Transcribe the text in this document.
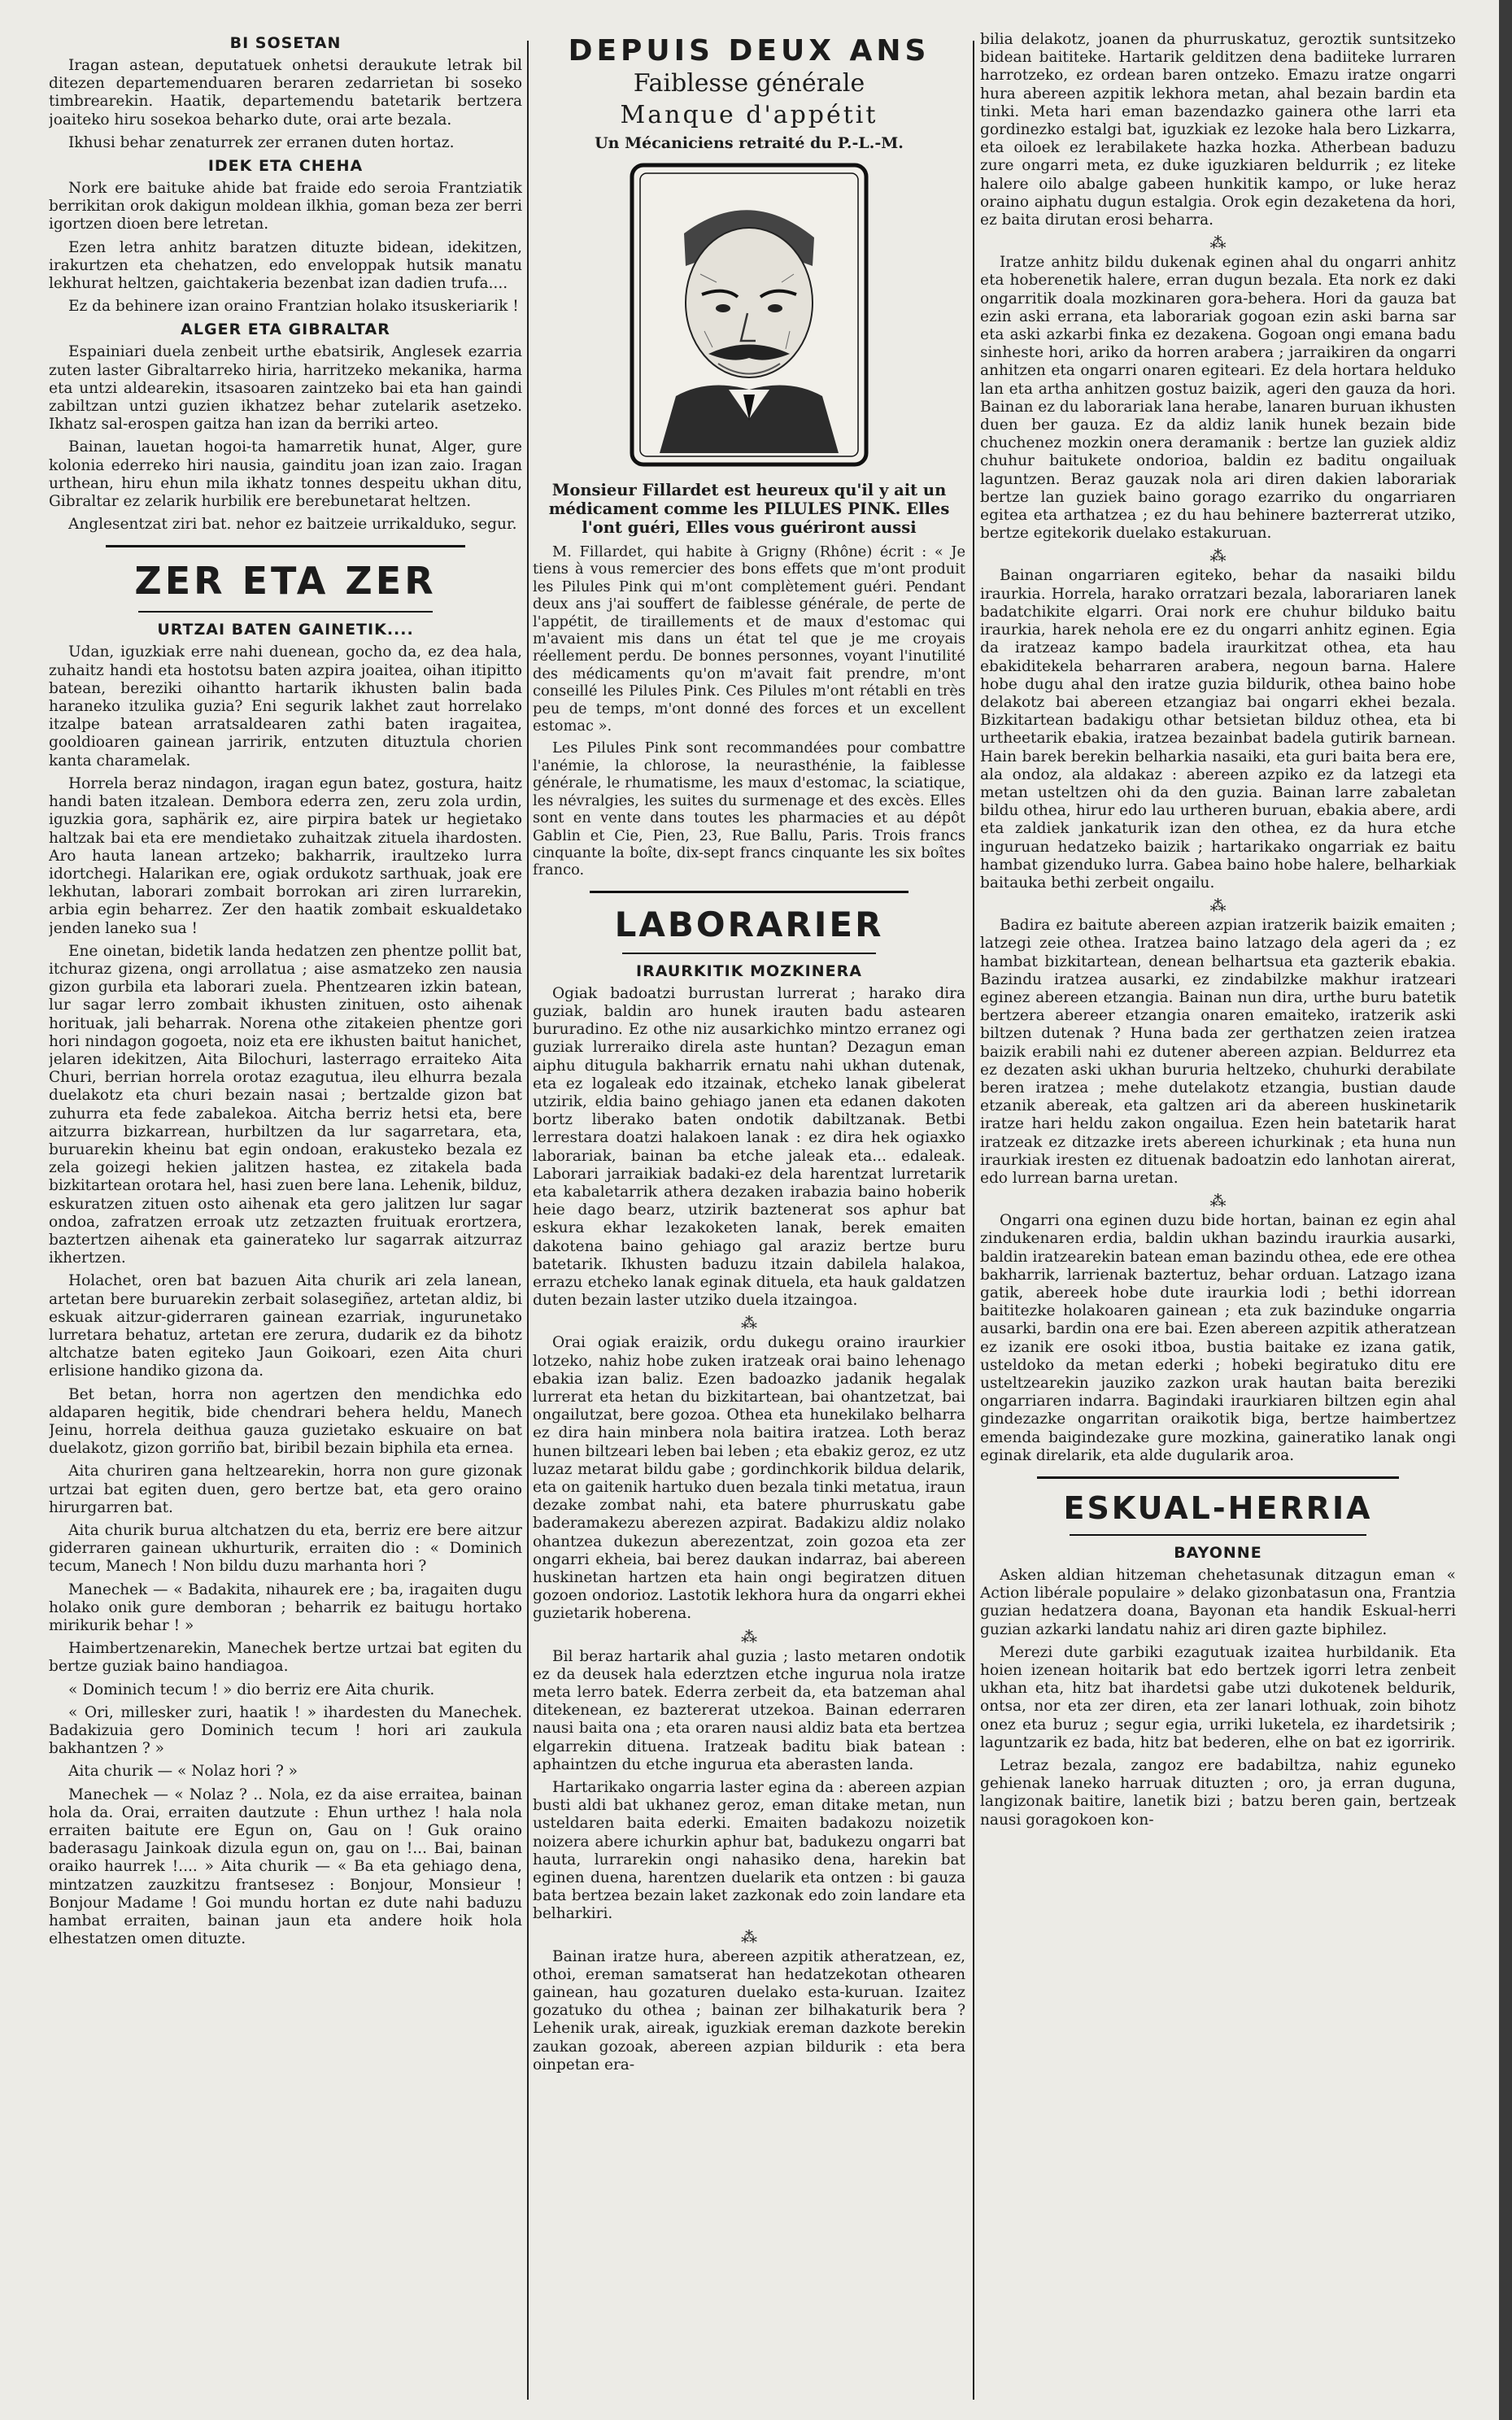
BI SOSETAN

Iragan astean, deputatuek onhetsi deraukute letrak bil ditezen departemenduaren beraren zedarrietan bi soseko timbrearekin. Haatik, departemendu batetarik bertzera joaiteko hiru sosekoa beharko dute, orai arte bezala.

Ikhusi behar zenaturrek zer erranen duten hortaz.

IDEK ETA CHEHA

Nork ere baituke ahide bat fraide edo seroia Frantziatik berrikitan orok dakigun moldean ilkhia, goman beza zer berri igortzen dioen bere letretan.

Ezen letra anhitz baratzen dituzte bidean, idekitzen, irakurtzen eta chehatzen, edo enveloppak hutsik manatu lekhurat heltzen, gaichtakeria bezenbat izan dadien trufa....

Ez da behinere izan oraino Frantzian holako itsuskeriarik !

ALGER ETA GIBRALTAR

Espainiari duela zenbeit urthe ebatsirik, Anglesek ezarria zuten laster Gibraltarreko hiria, harritzeko mekanika, harma eta untzi aldearekin, itsasoaren zaintzeko bai eta han gaindi zabiltzan untzi guzien ikhatzez behar zutelarik asetzeko. Ikhatz sal-erospen gaitza han izan da berriki arteo.

Bainan, lauetan hogoi-ta hamarretik hunat, Alger, gure kolonia ederreko hiri nausia, gainditu joan izan zaio. Iragan urthean, hiru ehun mila ikhatz tonnes despeitu ukhan ditu, Gibraltar ez zelarik hurbilik ere berebunetarat heltzen.

Anglesentzat ziri bat. nehor ez baitzeie urrikalduko, segur.

ZER ETA ZER
URTZAI BATEN GAINETIK....

Udan, iguzkiak erre nahi duenean, gocho da, ez dea hala, zuhaitz handi eta hostotsu baten azpira joaitea, oihan itipitto batean, bereziki oihantto hartarik ikhusten balin bada haraneko itzulika guzia? Eni segurik lakhet zaut horrelako itzalpe batean arratsaldearen zathi baten iragaitea, gooldioaren gainean jarririk, entzuten dituztula chorien kanta charamelak.

Horrela beraz nindagon, iragan egun batez, gostura, haitz handi baten itzalean. Dembora ederra zen, zeru zola urdin, iguzkia gora, saphärik ez, aire pirpira batek ur hegietako haltzak bai eta ere mendietako zuhaitzak zituela ihardosten. Aro hauta lanean artzeko; bakharrik, iraultzeko lurra idortchegi. Halarikan ere, ogiak ordukotz sarthuak, joak ere lekhutan, laborari zombait borrokan ari ziren lurrarekin, arbia egin beharrez. Zer den haatik zombait eskualdetako jenden laneko sua !

Ene oinetan, bidetik landa hedatzen zen phentze pollit bat, itchuraz gizena, ongi arrollatua ; aise asmatzeko zen nausia gizon gurbila eta laborari zuela. Phentzearen izkin batean, lur sagar lerro zombait ikhusten zinituen, osto aihenak horituak, jali beharrak. Norena othe zitakeien phentze gori hori nindagon gogoeta, noiz eta ere ikhusten baitut hanichet, jelaren idekitzen, Aita Bilochuri, lasterrago erraiteko Aita Churi, berrian horrela orotaz ezagutua, ileu elhurra bezala duelakotz eta churi bezain nasai ; bertzalde gizon bat zuhurra eta fede zabalekoa. Aitcha berriz hetsi eta, bere aitzurra bizkarrean, hurbiltzen da lur sagarretara, eta, buruarekin kheinu bat egin ondoan, erakusteko bezala ez zela goizegi hekien jalitzen hastea, ez zitakela bada bizkitartean orotara hel, hasi zuen bere lana. Lehenik, bilduz, eskuratzen zituen osto aihenak eta gero jalitzen lur sagar ondoa, zafratzen erroak utz zetzazten fruituak erortzera, baztertzen aihenak eta gainerateko lur sagarrak aitzurraz ikhertzen.

Holachet, oren bat bazuen Aita churik ari zela lanean, artetan bere buruarekin zerbait solasegiñez, artetan aldiz, bi eskuak aitzur-giderraren gainean ezarriak, ingurunetako lurretara behatuz, artetan ere zerura, dudarik ez da bihotz altchatze baten egiteko Jaun Goikoari, ezen Aita churi erlisione handiko gizona da.

Bet betan, horra non agertzen den mendichka edo aldaparen hegitik, bide chendrari behera heldu, Manech Jeinu, horrela deithua gauza guzietako eskuaire on bat duelakotz, gizon gorriño bat, biribil bezain biphila eta ernea.

Aita churiren gana heltzearekin, horra non gure gizonak urtzai bat egiten duen, gero bertze bat, eta gero oraino hirurgarren bat.

Aita churik burua altchatzen du eta, berriz ere bere aitzur giderraren gainean ukhurturik, erraiten dio : « Dominich tecum, Manech ! Non bildu duzu marhanta hori ?

Manechek — « Badakita, nihaurek ere ; ba, iragaiten dugu holako onik gure demboran ; beharrik ez baitugu hortako mirikurik behar ! »

Haimbertzenarekin, Manechek bertze urtzai bat egiten du bertze guziak baino handiagoa.

« Dominich tecum ! » dio berriz ere Aita churik.

« Ori, millesker zuri, haatik ! » ihardesten du Manechek. Badakizuia gero Dominich tecum ! hori ari zaukula bakhantzen ? »

Aita churik — « Nolaz hori ? »

Manechek — « Nolaz ? .. Nola, ez da aise erraitea, bainan hola da. Orai, erraiten dautzute : Ehun urthez ! hala nola erraiten baitute ere Egun on, Gau on ! Guk oraino baderasagu Jainkoak dizula egun on, gau on !... Bai, bainan oraiko haurrek !.... » Aita churik — « Ba eta gehiago dena, mintzatzen zauzkitzu frantsesez : Bonjour, Monsieur ! Bonjour Madame ! Goi mundu hortan ez dute nahi baduzu hambat erraiten, bainan jaun eta andere hoik hola elhestatzen omen dituzte.

DEPUIS DEUX ANS
Faiblesse générale
Manque d'appétit
Un Mécaniciens retraité du P.-L.-M.
Monsieur Fillardet est heureux qu'il y ait un médicament comme les PILULES PINK. Elles l'ont guéri, Elles vous guériront aussi

M. Fillardet, qui habite à Grigny (Rhône) écrit : « Je tiens à vous remercier des bons effets que m'ont produit les Pilules Pink qui m'ont complètement guéri. Pendant deux ans j'ai souffert de faiblesse générale, de perte de l'appétit, de tiraillements et de maux d'estomac qui m'avaient mis dans un état tel que je me croyais réellement perdu. De bonnes personnes, voyant l'inutilité des médicaments qu'on m'avait fait prendre, m'ont conseillé les Pilules Pink. Ces Pilules m'ont rétabli en très peu de temps, m'ont donné des forces et un excellent estomac ».

Les Pilules Pink sont recommandées pour combattre l'anémie, la chlorose, la neurasthénie, la faiblesse générale, le rhumatisme, les maux d'estomac, la sciatique, les névralgies, les suites du surmenage et des excès. Elles sont en vente dans toutes les pharmacies et au dépôt Gablin et Cie, Pien, 23, Rue Ballu, Paris. Trois francs cinquante la boîte, dix-sept francs cinquante les six boîtes franco.

LABORARIER
IRAURKITIK MOZKINERA

Ogiak badoatzi burrustan lurrerat ; harako dira guziak, baldin aro hunek irauten badu astearen bururadino. Ez othe niz ausarkichko mintzo erranez ogi guziak lurreraiko direla aste huntan? Dezagun eman aiphu ditugula bakharrik ernatu nahi ukhan dutenak, eta ez logaleak edo itzainak, etcheko lanak gibelerat utzirik, eldia baino gehiago janen eta edanen dakoten bortz liberako baten ondotik dabiltzanak. Betbi lerrestara doatzi halakoen lanak : ez dira hek ogiaxko laborariak, bainan ba etche jaleak eta... edaleak. Laborari jarraikiak badaki-ez dela harentzat lurretarik eta kabaletarrik athera dezaken irabazia baino hoberik heie dago bearz, utzirik baztenerat sos aphur bat eskura ekhar lezakoketen lanak, berek emaiten dakotena baino gehiago gal araziz bertze buru batetarik. Ikhusten baduzu itzain dabilela halakoa, errazu etcheko lanak eginak dituela, eta hauk galdatzen duten bezain laster utziko duela itzaingoa.

⁂

Orai ogiak eraizik, ordu dukegu oraino iraurkier lotzeko, nahiz hobe zuken iratzeak orai baino lehenago ebakia izan baliz. Ezen badoazko jadanik hegalak lurrerat eta hetan du bizkitartean, bai ohantzetzat, bai ongailutzat, bere gozoa. Othea eta hunekilako belharra ez dira hain minbera nola baitira iratzea. Loth beraz hunen biltzeari leben bai leben ; eta ebakiz geroz, ez utz luzaz metarat bildu gabe ; gordinchkorik bildua delarik, eta on gaitenik hartuko duen bezala tinki metatua, iraun dezake zombat nahi, eta batere phurruskatu gabe baderamakezu aberezen azpirat. Badakizu aldiz nolako ohantzea dukezun aberezentzat, zoin gozoa eta zer ongarri ekheia, bai berez daukan indarraz, bai abereen huskinetan hartzen eta hain ongi begiratzen dituen gozoen ondorioz. Lastotik lekhora hura da ongarri ekhei guzietarik hoberena.

⁂

Bil beraz hartarik ahal guzia ; lasto metaren ondotik ez da deusek hala ederztzen etche ingurua nola iratze meta lerro batek. Ederra zerbeit da, eta batzeman ahal ditekenean, ez baztererat utzekoa. Bainan ederraren nausi baita ona ; eta oraren nausi aldiz bata eta bertzea elgarrekin dituena. Iratzeak baditu biak batean : aphaintzen du etche ingurua eta aberasten landa.

Hartarikako ongarria laster egina da : abereen azpian busti aldi bat ukhanez geroz, eman ditake metan, nun usteldaren baita ederki. Emaiten badakozu noizetik noizera abere ichurkin aphur bat, badukezu ongarri bat hauta, lurrarekin ongi nahasiko dena, harekin bat eginen duena, harentzen duelarik eta ontzen : bi gauza bata bertzea bezain laket zazkonak edo zoin landare eta belharkiri.

⁂

Bainan iratze hura, abereen azpitik atheratzean, ez, othoi, ereman samatserat han hedatzekotan othearen gainean, hau gozaturen duelako esta-kuruan. Izaitez gozatuko du othea ; bainan zer bilhakaturik bera ? Lehenik urak, aireak, iguzkiak ereman dazkote berekin zaukan gozoak, abereen azpian bildurik : eta bera oinpetan era-

bilia delakotz, joanen da phurruskatuz, geroztik suntsitzeko bidean baititeke. Hartarik gelditzen dena badiiteke lurraren harrotzeko, ez ordean baren ontzeko. Emazu iratze ongarri hura abereen azpitik lekhora metan, ahal bezain bardin eta tinki. Meta hari eman bazendazko gainera othe larri eta gordinezko estalgi bat, iguzkiak ez lezoke hala bero Lizkarra, eta oiloek ez lerabilakete hazka hozka. Atherbean baduzu zure ongarri meta, ez duke iguzkiaren beldurrik ; ez liteke halere oilo abalge gabeen hunkitik kampo, or luke heraz oraino aiphatu dugun estalgia. Orok egin dezaketena da hori, ez baita dirutan erosi beharra.

⁂

Iratze anhitz bildu dukenak eginen ahal du ongarri anhitz eta hoberenetik halere, erran dugun bezala. Eta nork ez daki ongarritik doala mozkinaren gora-behera. Hori da gauza bat ezin aski errana, eta laborariak gogoan ezin aski barna sar eta aski azkarbi finka ez dezakena. Gogoan ongi emana badu sinheste hori, ariko da horren arabera ; jarraikiren da ongarri anhitzen eta ongarri onaren egiteari. Ez dela hortara helduko lan eta artha anhitzen gostuz baizik, ageri den gauza da hori. Bainan ez du laborariak lana herabe, lanaren buruan ikhusten duen ber gauza. Ez da aldiz lanik hunek bezain bide chuchenez mozkin onera deramanik : bertze lan guziek aldiz chuhur baitukete ondorioa, baldin ez baditu ongailuak laguntzen. Beraz gauzak nola ari diren dakien laborariak bertze lan guziek baino gorago ezarriko du ongarriaren egitea eta arthatzea ; ez du hau behinere bazterrerat utziko, bertze egitekorik duelako estakuruan.

⁂

Bainan ongarriaren egiteko, behar da nasaiki bildu iraurkia. Horrela, harako orratzari bezala, laborariaren lanek badatchikite elgarri. Orai nork ere chuhur bilduko baitu iraurkia, harek nehola ere ez du ongarri anhitz eginen. Egia da iratzeaz kampo badela iraurkitzat othea, eta hau ebakiditekela beharraren arabera, negoun barna. Halere hobe dugu ahal den iratze guzia bildurik, othea baino hobe delakotz bai abereen etzangiaz bai ongarri ekhei bezala. Bizkitartean badakigu othar betsietan bilduz othea, eta bi urtheetarik ebakia, iratzea bezainbat badela gutirik barnean. Hain barek berekin belharkia nasaiki, eta guri baita bera ere, ala ondoz, ala aldakaz : abereen azpiko ez da latzegi eta metan usteltzen ohi da den guzia. Bainan larre zabaletan bildu othea, hirur edo lau urtheren buruan, ebakia abere, ardi eta zaldiek jankaturik izan den othea, ez da hura etche inguruan hedatzeko baizik ; hartarikako ongarriak ez baitu hambat gizenduko lurra. Gabea baino hobe halere, belharkiak baitauka bethi zerbeit ongailu.

⁂

Badira ez baitute abereen azpian iratzerik baizik emaiten ; latzegi zeie othea. Iratzea baino latzago dela ageri da ; ez hambat bizkitartean, denean belhartsua eta gazterik ebakia. Bazindu iratzea ausarki, ez zindabilzke makhur iratzeari eginez abereen etzangia. Bainan nun dira, urthe buru batetik bertzera abereer etzangia onaren emaiteko, iratzerik aski biltzen dutenak ? Huna bada zer gerthatzen zeien iratzea baizik erabili nahi ez dutener abereen azpian. Beldurrez eta ez dezaten aski ukhan bururia heltzeko, chuhurki derabilate beren iratzea ; mehe dutelakotz etzangia, bustian daude etzanik abereak, eta galtzen ari da abereen huskinetarik iratze hari heldu zakon ongailua. Ezen hein batetarik harat iratzeak ez ditzazke irets abereen ichurkinak ; eta huna nun iraurkiak iresten ez dituenak badoatzin edo lanhotan airerat, edo lurrean barna uretan.

⁂

Ongarri ona eginen duzu bide hortan, bainan ez egin ahal zindukenaren erdia, baldin ukhan bazindu iraurkia ausarki, baldin iratzearekin batean eman bazindu othea, ede ere othea bakharrik, larrienak baztertuz, behar orduan. Latzago izana gatik, abereek hobe dute iraurkia lodi ; bethi idorrean baititezke holakoaren gainean ; eta zuk bazinduke ongarria ausarki, bardin ona ere bai. Ezen abereen azpitik atheratzean ez izanik ere osoki itboa, bustia baitake ez izana gatik, usteldoko da metan ederki ; hobeki begiratuko ditu ere usteltzearekin jauziko zazkon urak hautan baita bereziki ongarriaren indarra. Bagindaki iraurkiaren biltzen egin ahal gindezazke ongarritan oraikotik biga, bertze haimbertzez emenda baigindezake gure mozkina, gaineratiko lanak ongi eginak direlarik, eta alde dugularik aroa.

ESKUAL-HERRIA
BAYONNE

Asken aldian hitzeman chehetasunak ditzagun eman « Action libérale populaire » delako gizonbatasun ona, Frantzia guzian hedatzera doana, Bayonan eta handik Eskual-herri guzian azkarki landatu nahiz ari diren gazte biphilez.

Merezi dute garbiki ezagutuak izaitea hurbildanik. Eta hoien izenean hoitarik bat edo bertzek igorri letra zenbeit ukhan eta, hitz bat ihardetsi gabe utzi dukotenek beldurik, ontsa, nor eta zer diren, eta zer lanari lothuak, zoin bihotz onez eta buruz ; segur egia, urriki luketela, ez ihardetsirik ; laguntzarik ez bada, hitz bat bederen, elhe on bat ez igorririk.

Letraz bezala, zangoz ere badabiltza, nahiz eguneko gehienak laneko harruak dituzten ; oro, ja erran duguna, langizonak baitire, lanetik bizi ; batzu beren gain, bertzeak nausi goragokoen kon-
